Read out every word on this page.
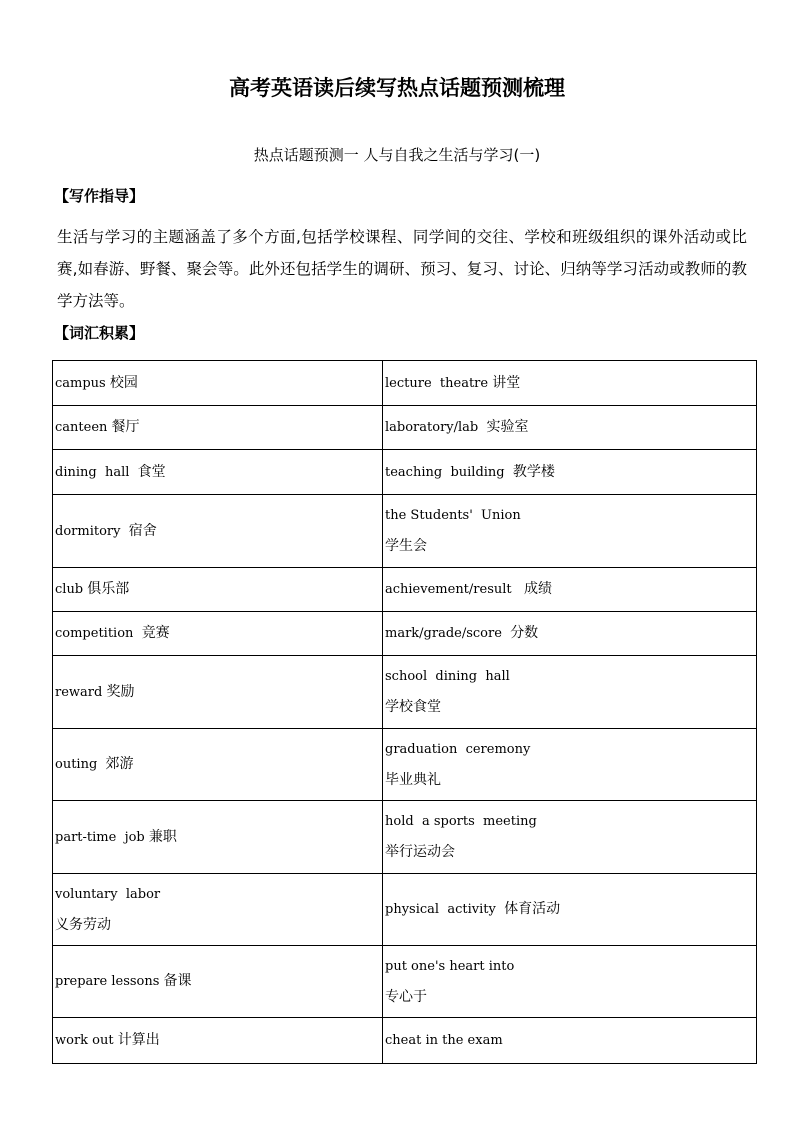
高考英语读后续写热点话题预测梳理
热点话题预测一 人与自我之生活与学习(一)
【写作指导】
生活与学习的主题涵盖了多个方面,包括学校课程、同学间的交往、学校和班级组织的课外活动或比赛,如春游、野餐、聚会等。此外还包括学生的调研、预习、复习、讨论、归纳等学习活动或教师的教学方法等。
【词汇积累】
campus 校园	lecture  theatre 讲堂

canteen 餐厅	laboratory/lab  实验室

dining  hall  食堂	teaching  building  教学楼

dormitory  宿舍	the Students'  Union
学生会

club 俱乐部	achievement/result   成绩

competition  竞赛	mark/grade/score  分数

reward 奖励	school  dining  hall
学校食堂

outing  郊游	graduation  ceremony
毕业典礼

part-time  job 兼职	hold  a sports  meeting
举行运动会

voluntary  labor
义务劳动	physical  activity  体育活动

prepare lessons 备课	put one's heart into
专心于

work out 计算出	cheat in the exam
